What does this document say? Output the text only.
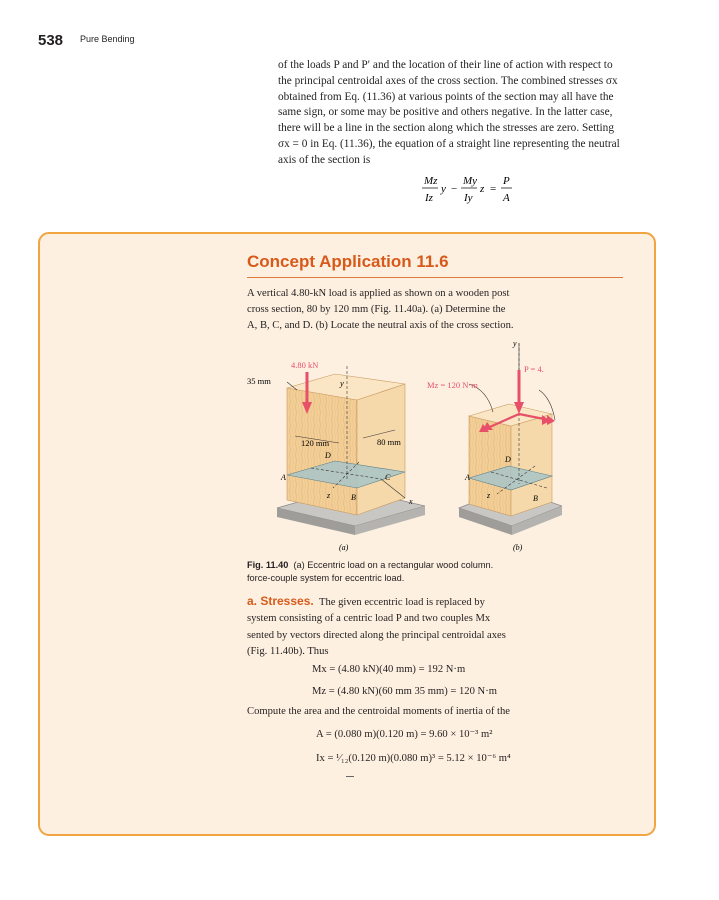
538 Pure Bending
of the loads P and P′ and the location of their line of action with respect to
the principal centroidal axes of the cross section. The combined stresses σx
obtained from Eq. (11.36) at various points of the section may all have the
same sign, or some may be positive and others negative. In the latter case,
there will be a line in the section along which the stresses are zero. Setting
σx = 0 in Eq. (11.36), the equation of a straight line representing the neutral
axis of the section is
Mz
Iz
y −
My
Iy
z =
P
A
Concept Application 11.6
A vertical 4.80-kN load is applied as shown on a wooden post
cross section, 80 by 120 mm (Fig. 11.40a). (a) Determine the
A, B, C, and D. (b) Locate the neutral axis of the cross section.
4.80 kN
35 mm	y
120 mm	80 mm
D
A	C
B
z
x
(a)
y
P = 4.
Mz = 120 N·m
D
A
B
z
(b)
Fig. 11.40 (a) Eccentric load on a rectangular wood column.
force-couple system for eccentric load.
a. Stresses. The given eccentric load is replaced by
system consisting of a centric load P and two couples Mx
sented by vectors directed along the principal centroidal axes
(Fig. 11.40b). Thus
Mx = (4.80 kN)(40 mm) = 192 N·m
Mz = (4.80 kN)(60 mm 35 mm) = 120 N·m
Compute the area and the centroidal moments of inertia of the
A = (0.080 m)(0.120 m) = 9.60 × 10⁻³ m²
Ix = ¹⁄₁₂(0.120 m)(0.080 m)³ = 5.12 × 10⁻⁶ m⁴
